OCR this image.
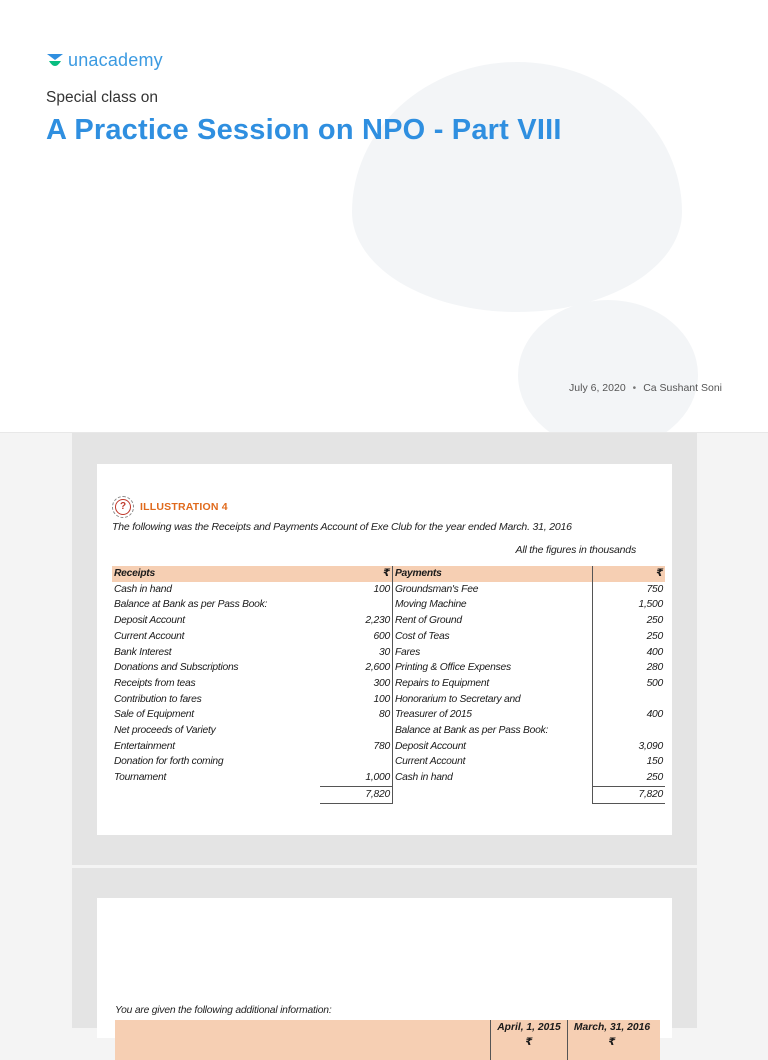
unacademy
Special class on
A Practice Session on NPO - Part VIII
July 6, 2020 • Ca Sushant Soni
?	ILLUSTRATION 4
The following was the Receipts and Payments Account of Exe Club for the year ended March. 31, 2016
All the figures in thousands
Receipts	₹	Payments	₹
Cash in hand	100	Groundsman's Fee	750
Balance at Bank as per Pass Book:		Moving Machine	1,500
Deposit Account	2,230	Rent of Ground	250
Current Account	600	Cost of Teas	250
Bank Interest	30	Fares	400
Donations and Subscriptions	2,600	Printing & Office Expenses	280
Receipts from teas	300	Repairs to Equipment	500
Contribution to fares	100	Honorarium to Secretary and	
Sale of Equipment	80	Treasurer of 2015	400
Net proceeds of Variety		Balance at Bank as per Pass Book:	
Entertainment	780	Deposit Account	3,090
Donation for forth coming		Current Account	150
Tournament	1,000	Cash in hand	250
	7,820		7,820
You are given the following additional information:
April, 1, 2015
₹
March, 31, 2016
₹
